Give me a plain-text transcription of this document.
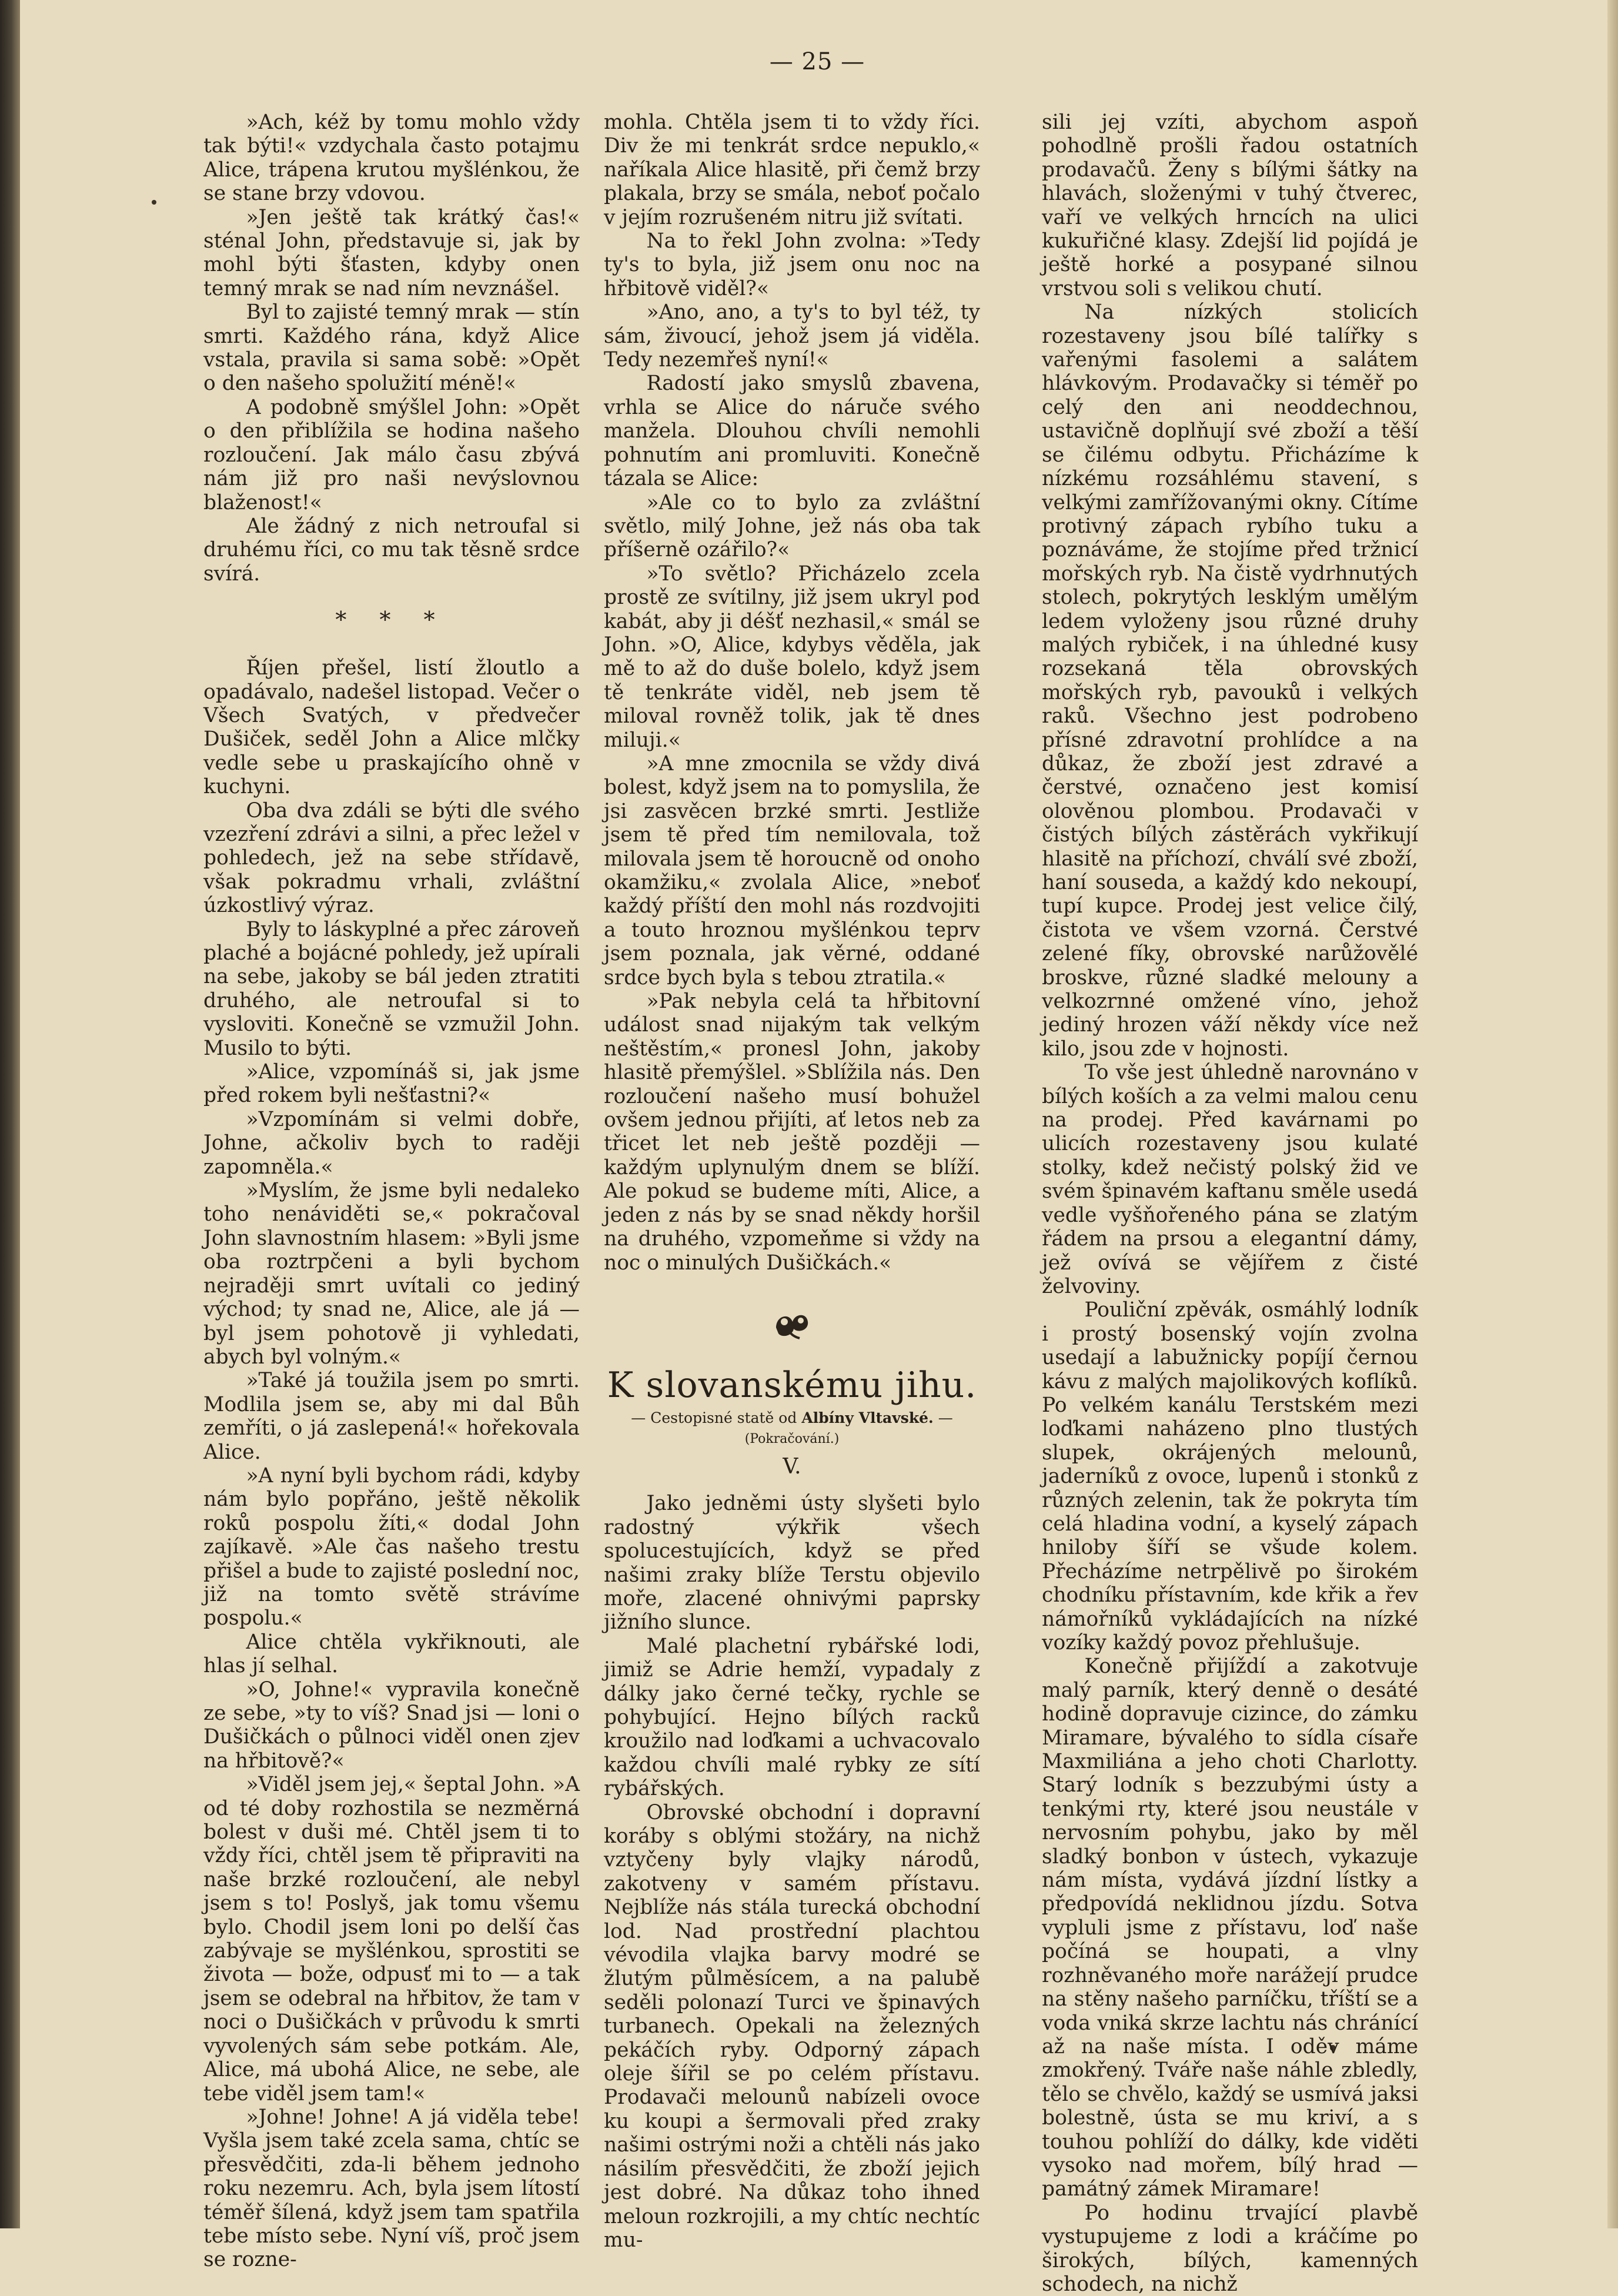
— 25 —

»Ach, kéž by tomu mohlo vždy tak býti!« vzdychala často potajmu Alice, trápena krutou myšlénkou, že se stane brzy vdovou.

»Jen ještě tak krátký čas!« sténal John, představuje si, jak by mohl býti šťasten, kdyby onen temný mrak se nad ním nevznášel.

Byl to zajisté temný mrak — stín smrti. Každého rána, když Alice vstala, pravila si sama sobě: »Opět o den našeho spolužití méně!«

A podobně smýšlel John: »Opět o den přiblížila se hodina našeho rozloučení. Jak málo času zbývá nám již pro naši nevýslovnou blaženost!«

Ale žádný z nich netroufal si druhému říci, co mu tak těsně srdce svírá.

* * *

Říjen přešel, listí žloutlo a opadávalo, nadešel listopad. Večer o Všech Svatých, v předvečer Dušiček, seděl John a Alice mlčky vedle sebe u praskajícího ohně v kuchyni.

Oba dva zdáli se býti dle svého vzezření zdrávi a silni, a přec ležel v pohledech, jež na sebe střídavě, však pokradmu vrhali, zvláštní úzkostlivý výraz.

Byly to láskyplné a přec zároveň plaché a bojácné pohledy, jež upírali na sebe, jakoby se bál jeden ztratiti druhého, ale netroufal si to vysloviti. Konečně se vzmužil John. Musilo to býti.

»Alice, vzpomínáš si, jak jsme před rokem byli nešťastni?«

»Vzpomínám si velmi dobře, Johne, ačkoliv bych to raději zapomněla.«

»Myslím, že jsme byli nedaleko toho nenáviděti se,« pokračoval John slavnostním hlasem: »Byli jsme oba roztrpčeni a byli bychom nejraději smrt uvítali co jediný východ; ty snad ne, Alice, ale já — byl jsem pohotově ji vyhledati, abych byl volným.«

»Také já toužila jsem po smrti. Modlila jsem se, aby mi dal Bůh zemříti, o já zaslepená!« hořekovala Alice.

»A nyní byli bychom rádi, kdyby nám bylo popřáno, ještě několik roků pospolu žíti,« dodal John zajíkavě. »Ale čas našeho trestu přišel a bude to zajisté poslední noc, již na tomto světě strávíme pospolu.«

Alice chtěla vykřiknouti, ale hlas jí selhal.

»O, Johne!« vypravila konečně ze sebe, »ty to víš? Snad jsi — loni o Dušičkách o půlnoci viděl onen zjev na hřbitově?«

»Viděl jsem jej,« šeptal John. »A od té doby rozhostila se nezměrná bolest v duši mé. Chtěl jsem ti to vždy říci, chtěl jsem tě připraviti na naše brzké rozloučení, ale nebyl jsem s to! Poslyš, jak tomu všemu bylo. Chodil jsem loni po delší čas zabývaje se myšlénkou, sprostiti se života — bože, odpusť mi to — a tak jsem se odebral na hřbitov, že tam v noci o Dušičkách v průvodu k smrti vyvolených sám sebe potkám. Ale, Alice, má ubohá Alice, ne sebe, ale tebe viděl jsem tam!«

»Johne! Johne! A já viděla tebe! Vyšla jsem také zcela sama, chtíc se přesvědčiti, zda-li během jednoho roku nezemru. Ach, byla jsem lítostí téměř šílená, když jsem tam spatřila tebe místo sebe. Nyní víš, proč jsem se rozne-

mohla. Chtěla jsem ti to vždy říci. Div že mi tenkrát srdce nepuklo,« naříkala Alice hlasitě, při čemž brzy plakala, brzy se smála, neboť počalo v jejím rozrušeném nitru již svítati.

Na to řekl John zvolna: »Tedy ty's to byla, již jsem onu noc na hřbitově viděl?«

»Ano, ano, a ty's to byl též, ty sám, živoucí, jehož jsem já viděla. Tedy nezemřeš nyní!«

Radostí jako smyslů zbavena, vrhla se Alice do náruče svého manžela. Dlouhou chvíli nemohli pohnutím ani promluviti. Konečně tázala se Alice:

»Ale co to bylo za zvláštní světlo, milý Johne, jež nás oba tak příšerně ozářilo?«

»To světlo? Přicházelo zcela prostě ze svítilny, již jsem ukryl pod kabát, aby ji déšť nezhasil,« smál se John. »O, Alice, kdybys věděla, jak mě to až do duše bolelo, když jsem tě tenkráte viděl, neb jsem tě miloval rovněž tolik, jak tě dnes miluji.«

»A mne zmocnila se vždy divá bolest, když jsem na to pomyslila, že jsi zasvěcen brzké smrti. Jestliže jsem tě před tím nemilovala, tož milovala jsem tě horoucně od onoho okamžiku,« zvolala Alice, »neboť každý příští den mohl nás rozdvojiti a touto hroznou myšlénkou teprv jsem poznala, jak věrné, oddané srdce bych byla s tebou ztratila.«

»Pak nebyla celá ta hřbitovní událost snad nijakým tak velkým neštěstím,« pronesl John, jakoby hlasitě přemýšlel. »Sblížila nás. Den rozloučení našeho musí bohužel ovšem jednou přijíti, ať letos neb za třicet let neb ještě později — každým uplynulým dnem se blíží. Ale pokud se budeme míti, Alice, a jeden z nás by se snad někdy horšil na druhého, vzpomeňme si vždy na noc o minulých Dušičkách.«

K slovanskému jihu.
— Cestopisné statě od Albíny Vltavské. —
(Pokračování.)
V.

Jako jedněmi ústy slyšeti bylo radostný výkřik všech spolucestujících, když se před našimi zraky blíže Terstu objevilo moře, zlacené ohnivými paprsky jižního slunce.

Malé plachetní rybářské lodi, jimiž se Adrie hemží, vypadaly z dálky jako černé tečky, rychle se pohybující. Hejno bílých racků kroužilo nad loďkami a uchvacovalo každou chvíli malé rybky ze sítí rybářských.

Obrovské obchodní i dopravní koráby s oblými stožáry, na nichž vztyčeny byly vlajky národů, zakotveny v samém přístavu. Nejblíže nás stála turecká obchodní lod. Nad prostřední plachtou vévodila vlajka barvy modré se žlutým půlměsícem, a na palubě seděli polonazí Turci ve špinavých turbanech. Opekali na železných pekáčích ryby. Odporný zápach oleje šířil se po celém přístavu. Prodavači melounů nabízeli ovoce ku koupi a šermovali před zraky našimi ostrými noži a chtěli nás jako násilím přesvědčiti, že zboží jejich jest dobré. Na důkaz toho ihned meloun rozkrojili, a my chtíc nechtíc mu-

sili jej vzíti, abychom aspoň pohodlně prošli řadou ostatních prodavačů. Ženy s bílými šátky na hlavách, složenými v tuhý čtverec, vaří ve velkých hrncích na ulici kukuřičné klasy. Zdejší lid pojídá je ještě horké a posypané silnou vrstvou soli s velikou chutí.

Na nízkých stolicích rozestaveny jsou bílé talířky s vařenými fasolemi a salátem hlávkovým. Prodavačky si téměř po celý den ani neoddechnou, ustavičně doplňují své zboží a těší se čilému odbytu. Přicházíme k nízkému rozsáhlému stavení, s velkými zamřížovanými okny. Cítíme protivný zápach rybího tuku a poznáváme, že stojíme před tržnicí mořských ryb. Na čistě vydrhnutých stolech, pokrytých lesklým umělým ledem vyloženy jsou různé druhy malých rybiček, i na úhledné kusy rozsekaná těla obrovských mořských ryb, pavouků i velkých raků. Všechno jest podrobeno přísné zdravotní prohlídce a na důkaz, že zboží jest zdravé a čerstvé, označeno jest komisí olověnou plombou. Prodavači v čistých bílých zástěrách vykřikují hlasitě na příchozí, chválí své zboží, haní souseda, a každý kdo nekoupí, tupí kupce. Prodej jest velice čilý, čistota ve všem vzorná. Čerstvé zelené fíky, obrovské narůžovělé broskve, různé sladké melouny a velkozrnné omžené víno, jehož jediný hrozen váží někdy více než kilo, jsou zde v hojnosti.

To vše jest úhledně narovnáno v bílých koších a za velmi malou cenu na prodej. Před kavárnami po ulicích rozestaveny jsou kulaté stolky, kdež nečistý polský žid ve svém špinavém kaftanu směle usedá vedle vyšňořeného pána se zlatým řádem na prsou a elegantní dámy, jež ovívá se vějířem z čisté želvoviny.

Pouliční zpěvák, osmáhlý lodník i prostý bosenský vojín zvolna usedají a labužnicky popíjí černou kávu z malých majolikových koflíků. Po velkém kanálu Terstském mezi loďkami naházeno plno tlustých slupek, okrájených melounů, jaderníků z ovoce, lupenů i stonků z různých zelenin, tak že pokryta tím celá hladina vodní, a kyselý zápach hniloby šíří se všude kolem. Přecházíme netrpělivě po širokém chodníku přístavním, kde křik a řev námořníků vykládajících na nízké vozíky každý povoz přehlušuje.

Konečně přijíždí a zakotvuje malý parník, který denně o desáté hodině dopravuje cizince, do zámku Miramare, bývalého to sídla císaře Maxmiliána a jeho choti Charlotty. Starý lodník s bezzubými ústy a tenkými rty, které jsou neustále v nervosním pohybu, jako by měl sladký bonbon v ústech, vykazuje nám místa, vydává jízdní lístky a předpovídá neklidnou jízdu. Sotva vypluli jsme z přístavu, loď naše počíná se houpati, a vlny rozhněvaného moře narážejí prudce na stěny našeho parníčku, tříští se a voda vniká skrze lachtu nás chránící až na naše místa. I oděv máme zmokřený. Tváře naše náhle zbledly, tělo se chvělo, každý se usmívá jaksi bolestně, ústa se mu kriví, a s touhou pohlíží do dálky, kde viděti vysoko nad mořem, bílý hrad — památný zámek Miramare!

Po hodinu trvající plavbě vystupujeme z lodi a kráčíme po širokých, bílých, kamenných schodech, na nichž
